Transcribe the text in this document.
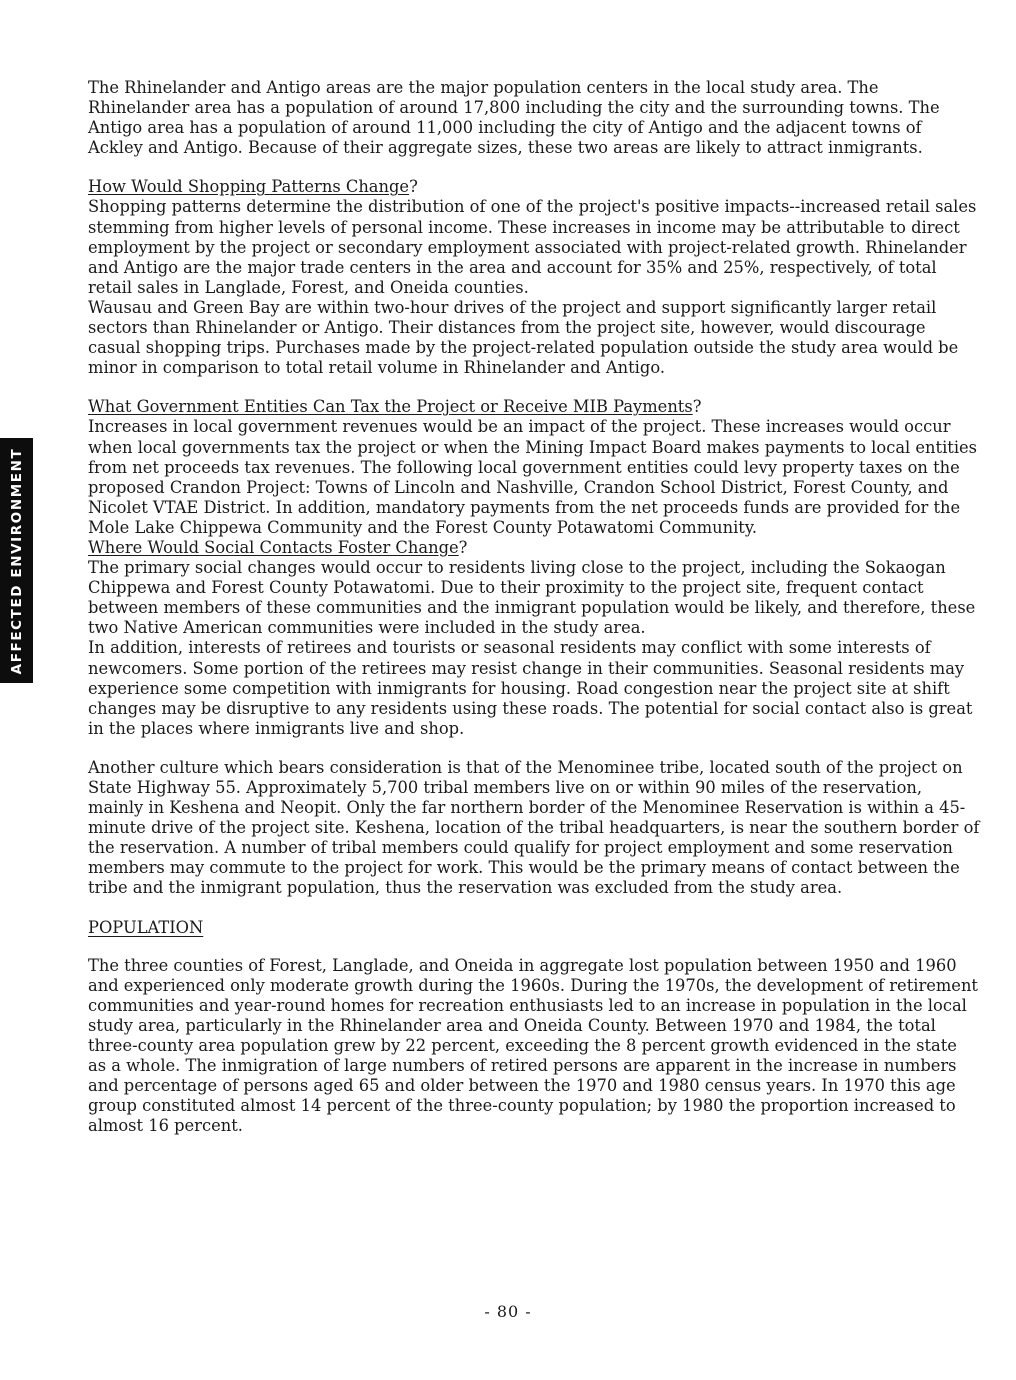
AFFECTED ENVIRONMENT

The Rhinelander and Antigo areas are the major population centers in the local study area. The Rhinelander area has a population of around 17,800 including the city and the surrounding towns. The Antigo area has a population of around 11,000 including the city of Antigo and the adjacent towns of Ackley and Antigo. Because of their aggregate sizes, these two areas are likely to attract inmigrants.

How Would Shopping Patterns Change?
Shopping patterns determine the distribution of one of the project's positive impacts--increased retail sales stemming from higher levels of personal income. These increases in income may be attributable to direct employment by the project or secondary employment associated with project-related growth. Rhinelander and Antigo are the major trade centers in the area and account for 35% and 25%, respectively, of total retail sales in Langlade, Forest, and Oneida counties.

Wausau and Green Bay are within two-hour drives of the project and support significantly larger retail sectors than Rhinelander or Antigo. Their distances from the project site, however, would discourage casual shopping trips. Purchases made by the project-related population outside the study area would be minor in comparison to total retail volume in Rhinelander and Antigo.

What Government Entities Can Tax the Project or Receive MIB Payments?
Increases in local government revenues would be an impact of the project. These increases would occur when local governments tax the project or when the Mining Impact Board makes payments to local entities from net proceeds tax revenues. The following local government entities could levy property taxes on the proposed Crandon Project: Towns of Lincoln and Nashville, Crandon School District, Forest County, and Nicolet VTAE District. In addition, mandatory payments from the net proceeds funds are provided for the Mole Lake Chippewa Community and the Forest County Potawatomi Community.
Where Would Social Contacts Foster Change?
The primary social changes would occur to residents living close to the project, including the Sokaogan Chippewa and Forest County Potawatomi. Due to their proximity to the project site, frequent contact between members of these communities and the inmigrant population would be likely, and therefore, these two Native American communities were included in the study area.

In addition, interests of retirees and tourists or seasonal residents may conflict with some interests of newcomers. Some portion of the retirees may resist change in their communities. Seasonal residents may experience some competition with inmigrants for housing. Road congestion near the project site at shift changes may be disruptive to any residents using these roads. The potential for social contact also is great in the places where inmigrants live and shop.

Another culture which bears consideration is that of the Menominee tribe, located south of the project on State Highway 55. Approximately 5,700 tribal members live on or within 90 miles of the reservation, mainly in Keshena and Neopit. Only the far northern border of the Menominee Reservation is within a 45-minute drive of the project site. Keshena, location of the tribal headquarters, is near the southern border of the reservation. A number of tribal members could qualify for project employment and some reservation members may commute to the project for work. This would be the primary means of contact between the tribe and the inmigrant population, thus the reservation was excluded from the study area.

POPULATION

The three counties of Forest, Langlade, and Oneida in aggregate lost population between 1950 and 1960 and experienced only moderate growth during the 1960s. During the 1970s, the development of retirement communities and year-round homes for recreation enthusiasts led to an increase in population in the local study area, particularly in the Rhinelander area and Oneida County. Between 1970 and 1984, the total three-county area population grew by 22 percent, exceeding the 8 percent growth evidenced in the state as a whole. The inmigration of large numbers of retired persons are apparent in the increase in numbers and percentage of persons aged 65 and older between the 1970 and 1980 census years. In 1970 this age group constituted almost 14 percent of the three-county population; by 1980 the proportion increased to almost 16 percent.

- 80 -
